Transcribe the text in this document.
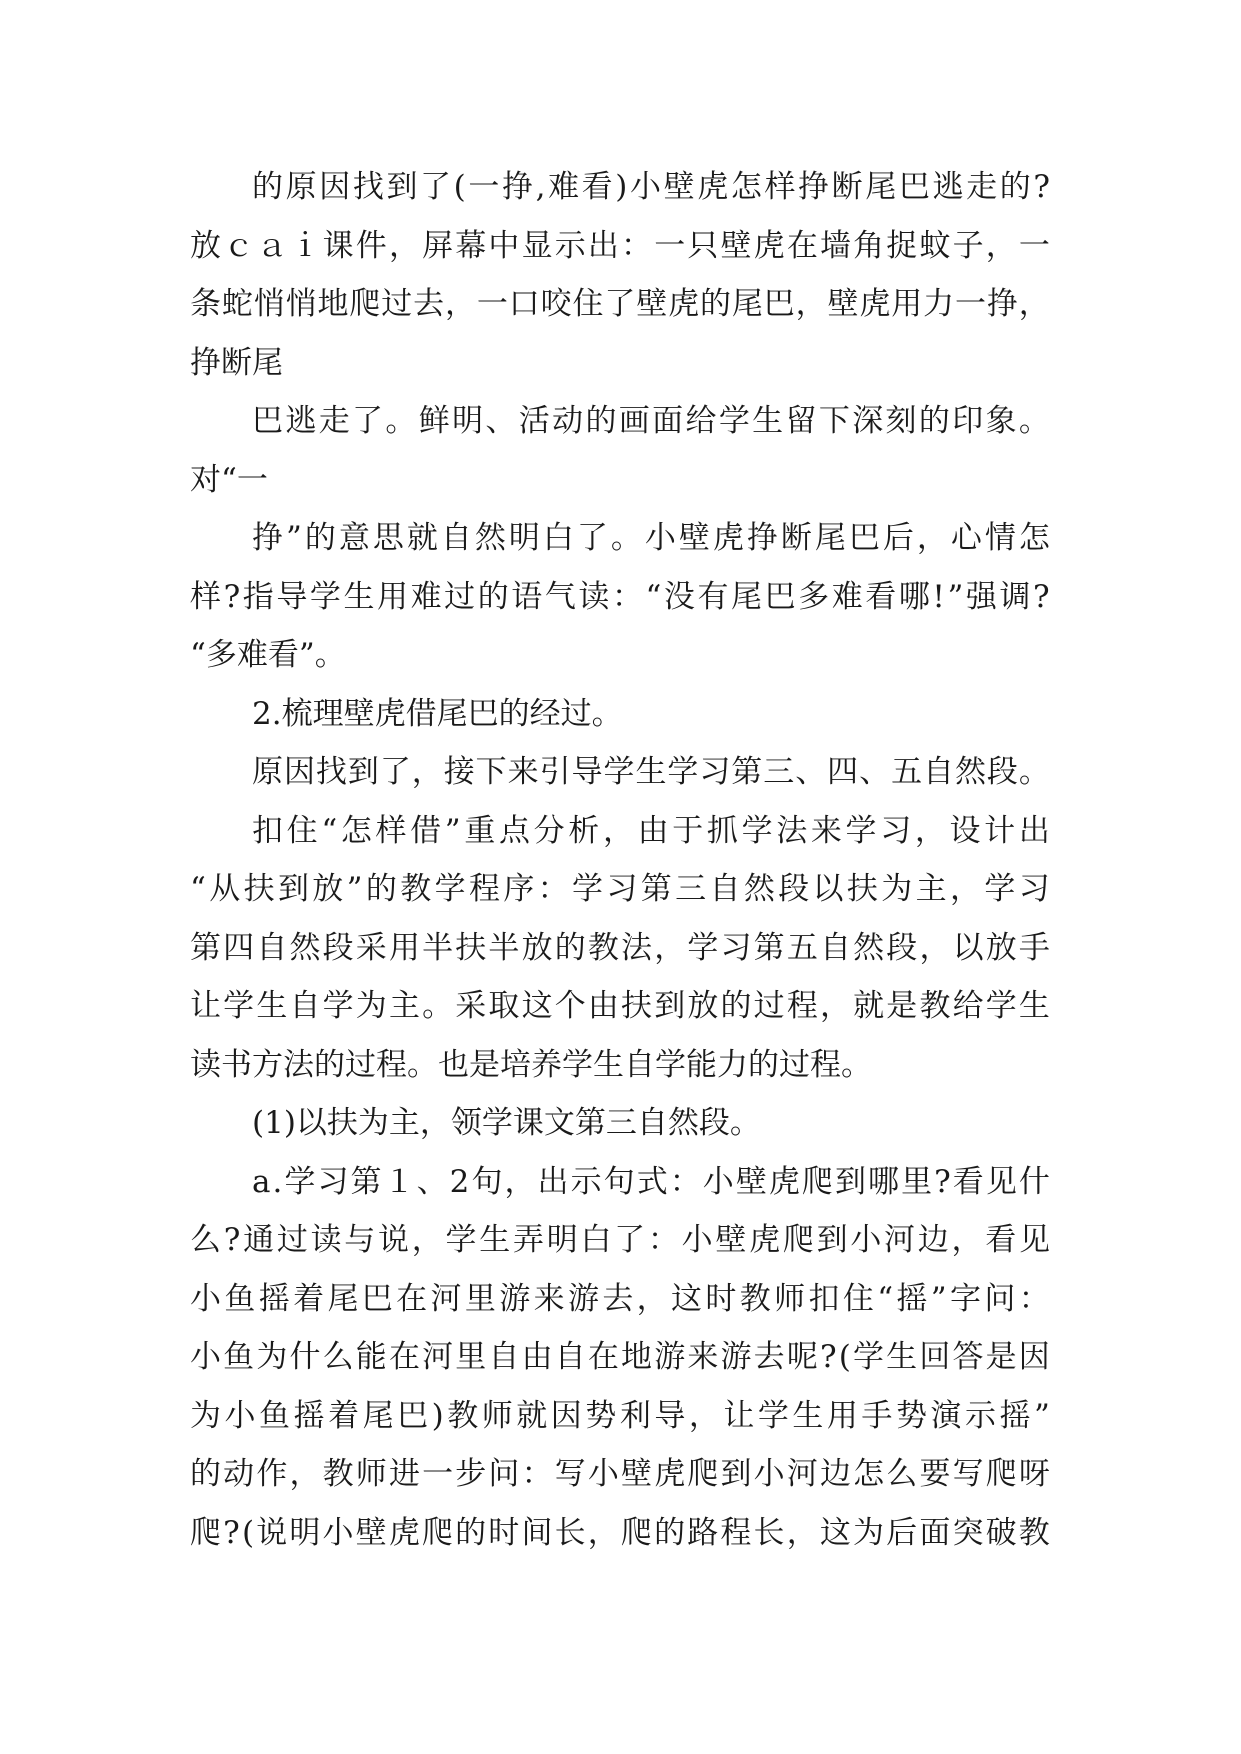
的 原 因 找 到 了 ( 一 挣 , 难 看 ) 小 壁 虎 怎 样 挣 断 尾 巴 逃 走 的 ?
放 ｃ ａ ｉ 课 件 ， 屏 幕 中 显 示 出 ： 一 只 壁 虎 在 墙 角 捉 蚊 子 ， 一
条 蛇 悄 悄 地 爬 过 去 ， 一 口 咬 住 了 壁 虎 的 尾 巴 ， 壁 虎 用 力 一 挣 ，
挣断尾
巴 逃 走 了 。 鲜 明 、 活 动 的 画 面 给 学 生 留 下 深 刻 的 印 象 。
对“一
挣 ” 的 意 思 就 自 然 明 白 了 。 小 壁 虎 挣 断 尾 巴 后 ， 心 情 怎
样 ? 指 导 学 生 用 难 过 的 语 气 读 ： “ 没 有 尾 巴 多 难 看 哪 ! ” 强 调 ?
“多难看”。
2.梳理壁虎借尾巴的经过。
原 因 找 到 了 ， 接 下 来 引 导 学 生 学 习 第 三 、 四 、 五 自 然 段 。
扣 住 “ 怎 样 借 ” 重 点 分 析 ， 由 于 抓 学 法 来 学 习 ， 设 计 出
“ 从 扶 到 放 ” 的 教 学 程 序 ： 学 习 第 三 自 然 段 以 扶 为 主 ， 学 习
第 四 自 然 段 采 用 半 扶 半 放 的 教 法 ， 学 习 第 五 自 然 段 ， 以 放 手
让 学 生 自 学 为 主 。 采 取 这 个 由 扶 到 放 的 过 程 ， 就 是 教 给 学 生
读书方法的过程。也是培养学生自学能力的过程。
(1)以扶为主，领学课文第三自然段。
a . 学 习 第 １ 、 2 句 ， 出 示 句 式 ： 小 壁 虎 爬 到 哪 里 ? 看 见 什
么 ? 通 过 读 与 说 ， 学 生 弄 明 白 了 ： 小 壁 虎 爬 到 小 河 边 ， 看 见
小 鱼 摇 着 尾 巴 在 河 里 游 来 游 去 ， 这 时 教 师 扣 住 “ 摇 ” 字 问 ：
小 鱼 为 什 么 能 在 河 里 自 由 自 在 地 游 来 游 去 呢 ? ( 学 生 回 答 是 因
为 小 鱼 摇 着 尾 巴 ) 教 师 就 因 势 利 导 ， 让 学 生 用 手 势 演 示 摇 ”
的 动 作 ， 教 师 进 一 步 问 ： 写 小 壁 虎 爬 到 小 河 边 怎 么 要 写 爬 呀
爬 ? ( 说 明 小 壁 虎 爬 的 时 间 长 ， 爬 的 路 程 长 ， 这 为 后 面 突 破 教
